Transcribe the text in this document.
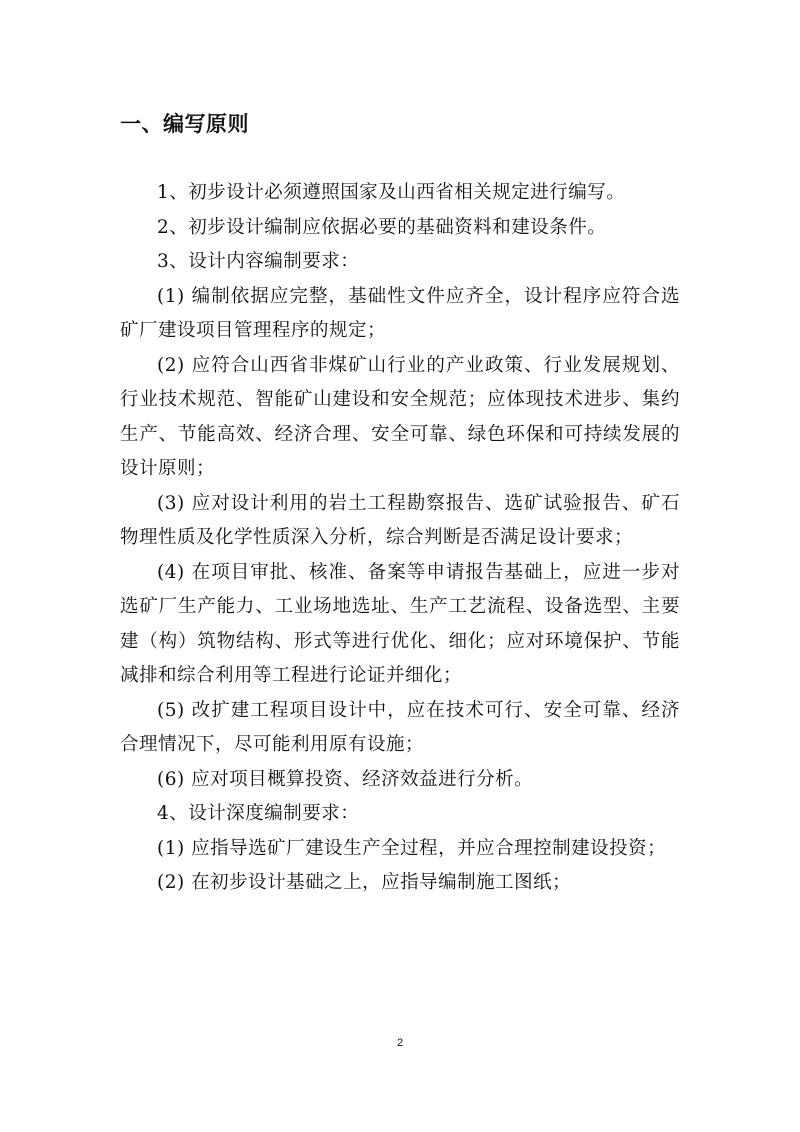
一、编写原则

1、初步设计必须遵照国家及山西省相关规定进行编写。

2、初步设计编制应依据必要的基础资料和建设条件。

3、设计内容编制要求：

(1) 编制依据应完整，基础性文件应齐全，设计程序应符合选矿厂建设项目管理程序的规定；

(2) 应符合山西省非煤矿山行业的产业政策、行业发展规划、行业技术规范、智能矿山建设和安全规范；应体现技术进步、集约生产、节能高效、经济合理、安全可靠、绿色环保和可持续发展的设计原则；

(3) 应对设计利用的岩土工程勘察报告、选矿试验报告、矿石物理性质及化学性质深入分析，综合判断是否满足设计要求；

(4) 在项目审批、核准、备案等申请报告基础上，应进一步对选矿厂生产能力、工业场地选址、生产工艺流程、设备选型、主要建（构）筑物结构、形式等进行优化、细化；应对环境保护、节能减排和综合利用等工程进行论证并细化；

(5) 改扩建工程项目设计中，应在技术可行、安全可靠、经济合理情况下，尽可能利用原有设施；

(6) 应对项目概算投资、经济效益进行分析。

4、设计深度编制要求：

(1) 应指导选矿厂建设生产全过程，并应合理控制建设投资；

(2) 在初步设计基础之上，应指导编制施工图纸；

2
